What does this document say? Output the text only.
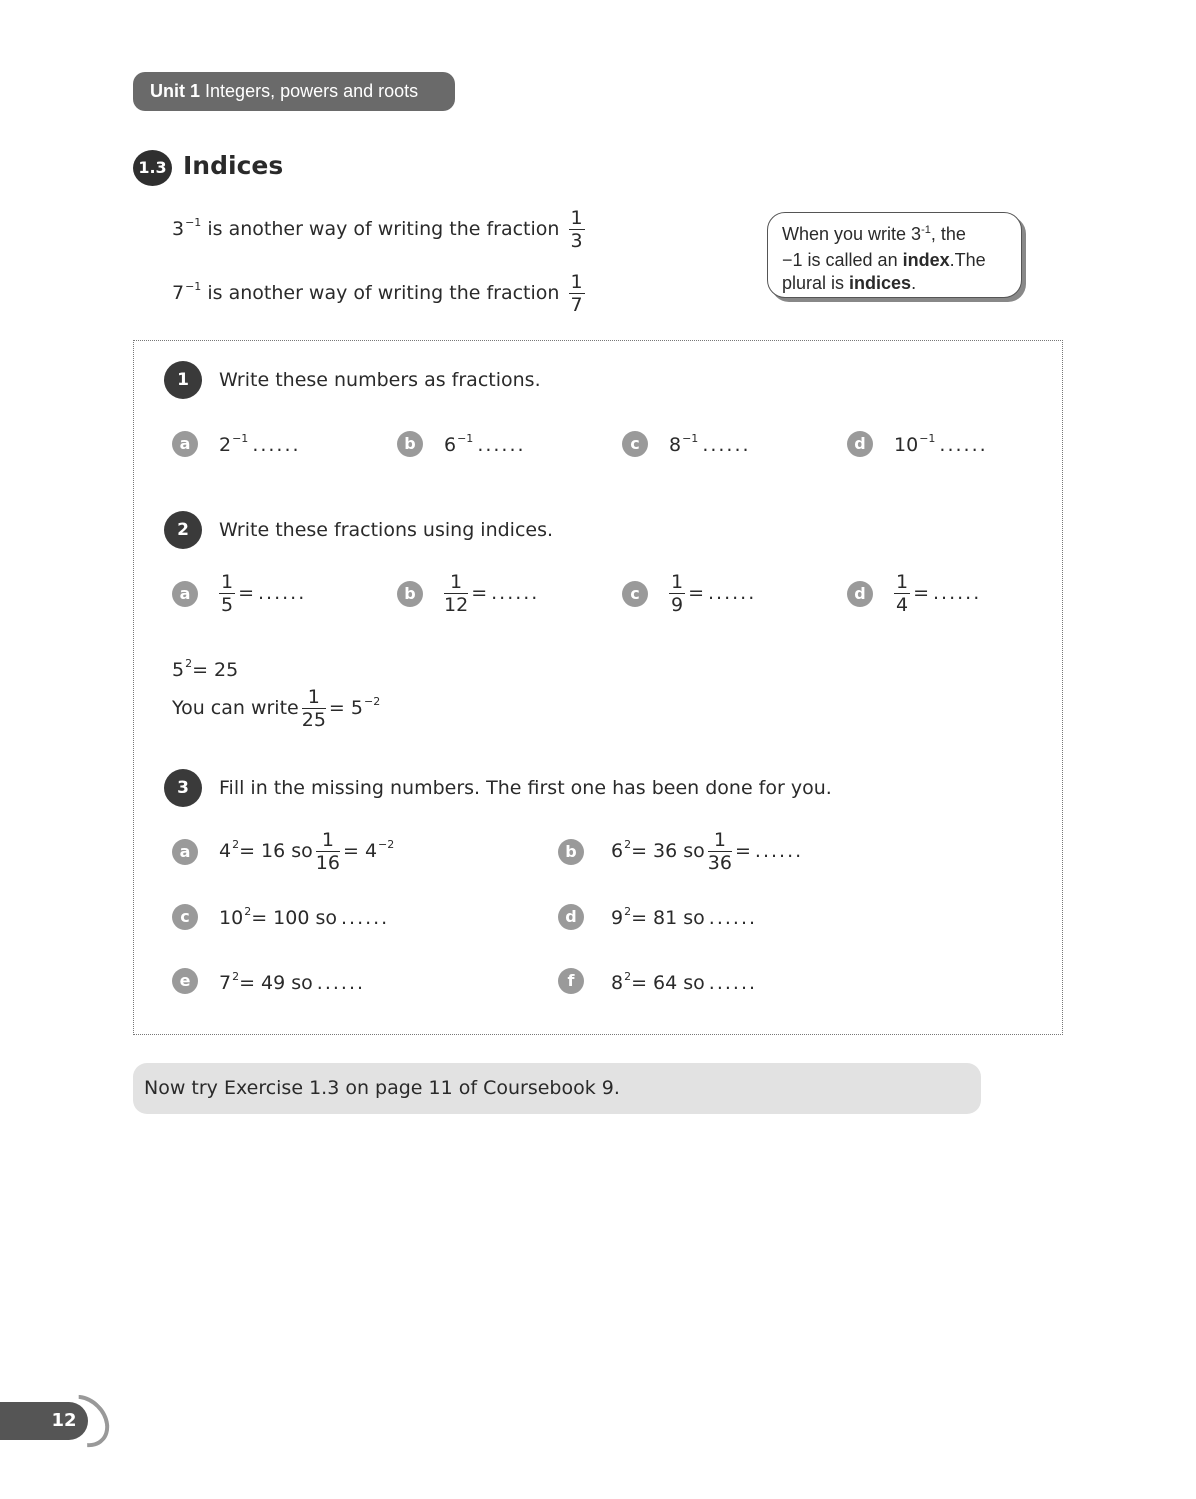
Unit 1 Integers, powers and roots
1.3 Indices
$3^{-1}$ is another way of writing the fraction $\frac{1}{3}$
$7^{-1}$ is another way of writing the fraction $\frac{1}{7}$
When you write $3^{-1}$, the
−1 is called an index.The
plural is indices.
1	Write these numbers as fractions.
a	$2^{-1}$ ......	b	$6^{-1}$ ......	c	$8^{-1}$ ......	d	$10^{-1}$ ......
2	Write these fractions using indices.
a	$\frac{1}{5}$ = ......	b	$\frac{1}{12}$ = ......	c	$\frac{1}{9}$ = ......	d	$\frac{1}{4}$ = ......
$5^2= 25$
You can write $\frac{1}{25} = 5^{-2}$
3	Fill in the missing numbers. The first one has been done for you.
a	$4^2= 16$ so $\frac{1}{16} = 4^{-2}$	b	$6^2= 36$ so $\frac{1}{36}$ = ......
c	$10^2= 100$ so ......	d	$9^2= 81$ so ......
e	$7^2= 49$ so ......	f	$8^2= 64$ so ......
Now try Exercise 1.3 on page 11 of Coursebook 9.
12
